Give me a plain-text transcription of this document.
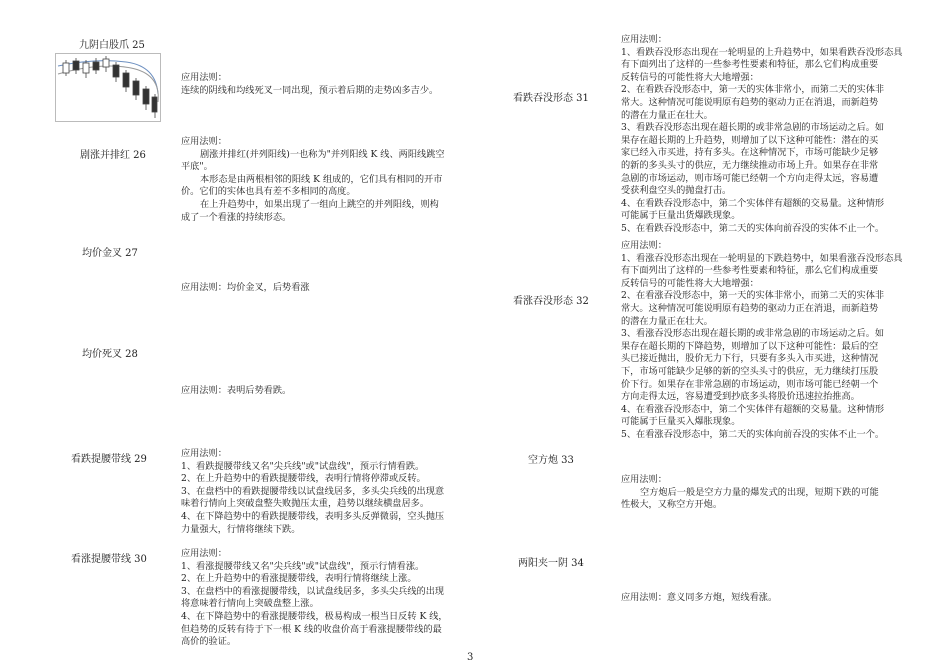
九阴白股爪 25
应用法则：
连续的阴线和均线死叉一同出现，预示着后期的走势凶多吉少。
剧涨并排红 26
应用法则：
剧涨并排红(并列阳线)一也称为"并列阳线 K 线、两阳线跳空
平底"。
本形态是由两根相邻的阳线 K 组成的，它们具有相同的开市
价。它们的实体也具有差不多相同的高度。
在上升趋势中，如果出现了一组向上跳空的并列阳线，则构
成了一个看涨的持续形态。
均价金叉 27
应用法则：均价金叉，后势看涨
均价死叉 28
应用法则：表明后势看跌。
看跌提腰带线 29
应用法则：
1、看跌提腰带线又名"尖兵线"或"试盘线"，预示行情看跌。
2、在上升趋势中的看跌提腰带线，表明行情将停滞或反转。
3、在盘档中的看跌提腰带线以试盘线居多，多头尖兵线的出现意
味着行情向上突破盘整失败抛压太重，趋势以继续横盘居多。
4、在下降趋势中的看跌提腰带线，表明多头反弹微弱，空头抛压
力量强大，行情将继续下跌。
看涨提腰带线 30
应用法则：
1、看涨提腰带线又名"尖兵线"或"试盘线"，预示行情看涨。
2、在上升趋势中的看涨提腰带线，表明行情将继续上涨。
3、在盘档中的看涨提腰带线，以试盘线居多，多头尖兵线的出现
将意味着行情向上突破盘整上涨。
4、在下降趋势中的看涨提腰带线，极易构成一根当日反转 K 线，
但趋势的反转有待于下一根 K 线的收盘价高于看涨提腰带线的最
高价的验证。
看跌吞没形态 31
应用法则：
1、看跌吞没形态出现在一轮明显的上升趋势中，如果看跌吞没形态具
有下面列出了这样的一些参考性要素和特征，那么它们构成重要
反转信号的可能性将大大地增强：
2、在看跌吞没形态中，第一天的实体非常小，而第二天的实体非
常大。这种情况可能说明原有趋势的驱动力正在消退，而新趋势
的潜在力量正在壮大。
3、看跌吞没形态出现在超长期的或非常急剧的市场运动之后。如
果存在超长期的上升趋势，则增加了以下这种可能性：潜在的买
家已经入市买进，持有多头。在这种情况下，市场可能缺少足够
的新的多头头寸的供应，无力继续推动市场上升。如果存在非常
急剧的市场运动，则市场可能已经朝一个方向走得太远，容易遭
受获利盘空头的抛盘打击。
4、在看跌吞没形态中，第二个实体伴有超额的交易量。这种情形
可能属于巨量出货爆跌现象。
5、在看跌吞没形态中，第二天的实体向前吞没的实体不止一个。
看涨吞没形态 32
应用法则：
1、看涨吞没形态出现在一轮明显的下跌趋势中，如果看涨吞没形态具
有下面列出了这样的一些参考性要素和特征，那么它们构成重要
反转信号的可能性将大大地增强：
2、在看涨吞没形态中，第一天的实体非常小，而第二天的实体非
常大。这种情况可能说明原有趋势的驱动力正在消退，而新趋势
的潜在力量正在壮大。
3、看涨吞没形态出现在超长期的或非常急剧的市场运动之后。如
果存在超长期的下降趋势，则增加了以下这种可能性：最后的空
头已接近抛出，股价无力下行，只要有多头入市买进，这种情况
下，市场可能缺少足够的新的空头头寸的供应，无力继续打压股
价下行。如果存在非常急剧的市场运动，则市场可能已经朝一个
方向走得太远，容易遭受到抄底多头将股价迅速拉抬推高。
4、在看涨吞没形态中，第二个实体伴有超额的交易量。这种情形
可能属于巨量买入爆胀现象。
5、在看涨吞没形态中，第二天的实体向前吞没的实体不止一个。
空方炮 33
应用法则：
空方炮后一般是空方力量的爆发式的出现，短期下跌的可能
性极大，又称空方开炮。
两阳夹一阴 34
应用法则：意义同多方炮，短线看涨。
3
